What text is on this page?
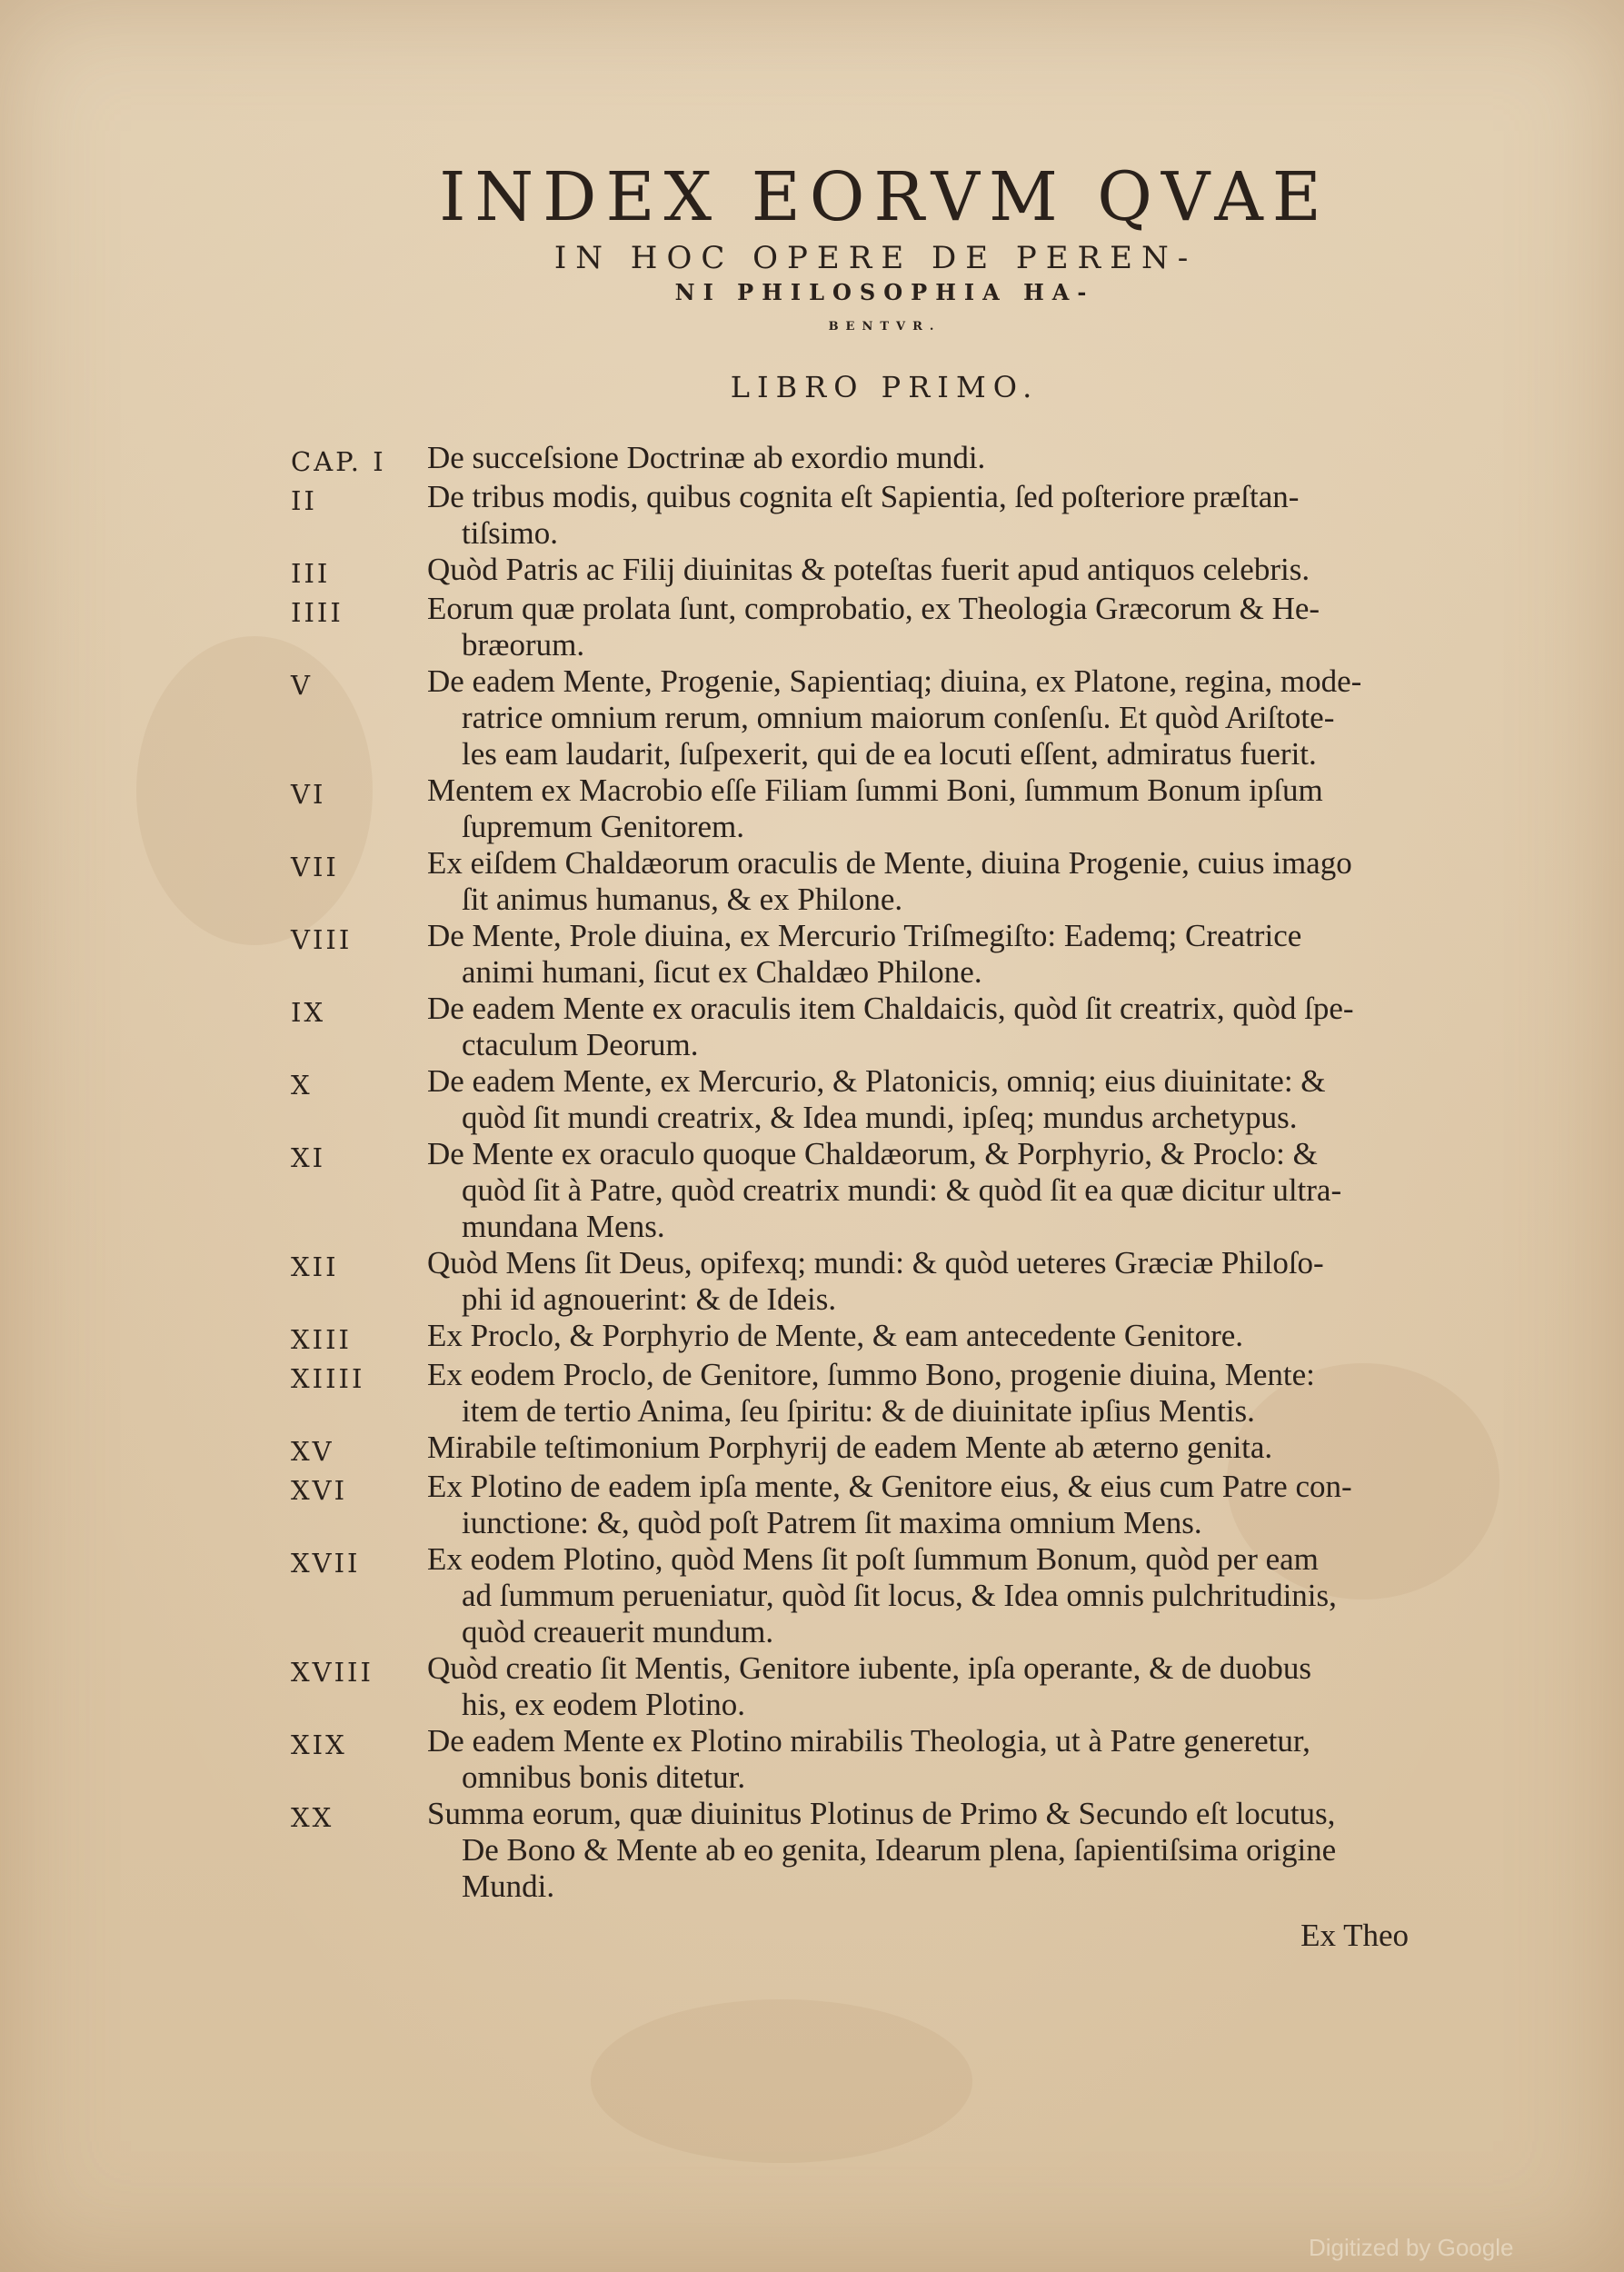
INDEX EORVM QVAE
IN HOC OPERE DE PEREN-
NI PHILOSOPHIA HA-
BENTVR.
LIBRO PRIMO.
CAP. I	De succeſsione Doctrinæ ab exordio mundi.
II	De tribus modis, quibus cognita eſt Sapientia, ſed poſteriore præſtan-
tiſsimo.
III	Quòd Patris ac Filij diuinitas & poteſtas fuerit apud antiquos celebris.
IIII	Eorum quæ prolata ſunt, comprobatio, ex Theologia Græcorum & He-
bræorum.
V	De eadem Mente, Progenie, Sapientiaq; diuina, ex Platone, regina, mode-
ratrice omnium rerum, omnium maiorum conſenſu. Et quòd Ariſtote-
les eam laudarit, ſuſpexerit, qui de ea locuti eſſent, admiratus fuerit.
VI	Mentem ex Macrobio eſſe Filiam ſummi Boni, ſummum Bonum ipſum
ſupremum Genitorem.
VII	Ex eiſdem Chaldæorum oraculis de Mente, diuina Progenie, cuius imago
ſit animus humanus, & ex Philone.
VIII	De Mente, Prole diuina, ex Mercurio Triſmegiſto: Eademq; Creatrice
animi humani, ſicut ex Chaldæo Philone.
IX	De eadem Mente ex oraculis item Chaldaicis, quòd ſit creatrix, quòd ſpe-
ctaculum Deorum.
X	De eadem Mente, ex Mercurio, & Platonicis, omniq; eius diuinitate: &
quòd ſit mundi creatrix, & Idea mundi, ipſeq; mundus archetypus.
XI	De Mente ex oraculo quoque Chaldæorum, & Porphyrio, & Proclo: &
quòd ſit à Patre, quòd creatrix mundi: & quòd ſit ea quæ dicitur ultra-
mundana Mens.
XII	Quòd Mens ſit Deus, opifexq; mundi: & quòd ueteres Græciæ Philoſo-
phi id agnouerint: & de Ideis.
XIII	Ex Proclo, & Porphyrio de Mente, & eam antecedente Genitore.
XIIII	Ex eodem Proclo, de Genitore, ſummo Bono, progenie diuina, Mente:
item de tertio Anima, ſeu ſpiritu: & de diuinitate ipſius Mentis.
XV	Mirabile teſtimonium Porphyrij de eadem Mente ab æterno genita.
XVI	Ex Plotino de eadem ipſa mente, & Genitore eius, & eius cum Patre con-
iunctione: &, quòd poſt Patrem ſit maxima omnium Mens.
XVII	Ex eodem Plotino, quòd Mens ſit poſt ſummum Bonum, quòd per eam
ad ſummum perueniatur, quòd ſit locus, & Idea omnis pulchritudinis,
quòd creauerit mundum.
XVIII	Quòd creatio ſit Mentis, Genitore iubente, ipſa operante, & de duobus
his, ex eodem Plotino.
XIX	De eadem Mente ex Plotino mirabilis Theologia, ut à Patre generetur,
omnibus bonis ditetur.
XX	Summa eorum, quæ diuinitus Plotinus de Primo & Secundo eſt locutus,
De Bono & Mente ab eo genita, Idearum plena, ſapientiſsima origine
Mundi.
Ex Theo
Digitized by Google
